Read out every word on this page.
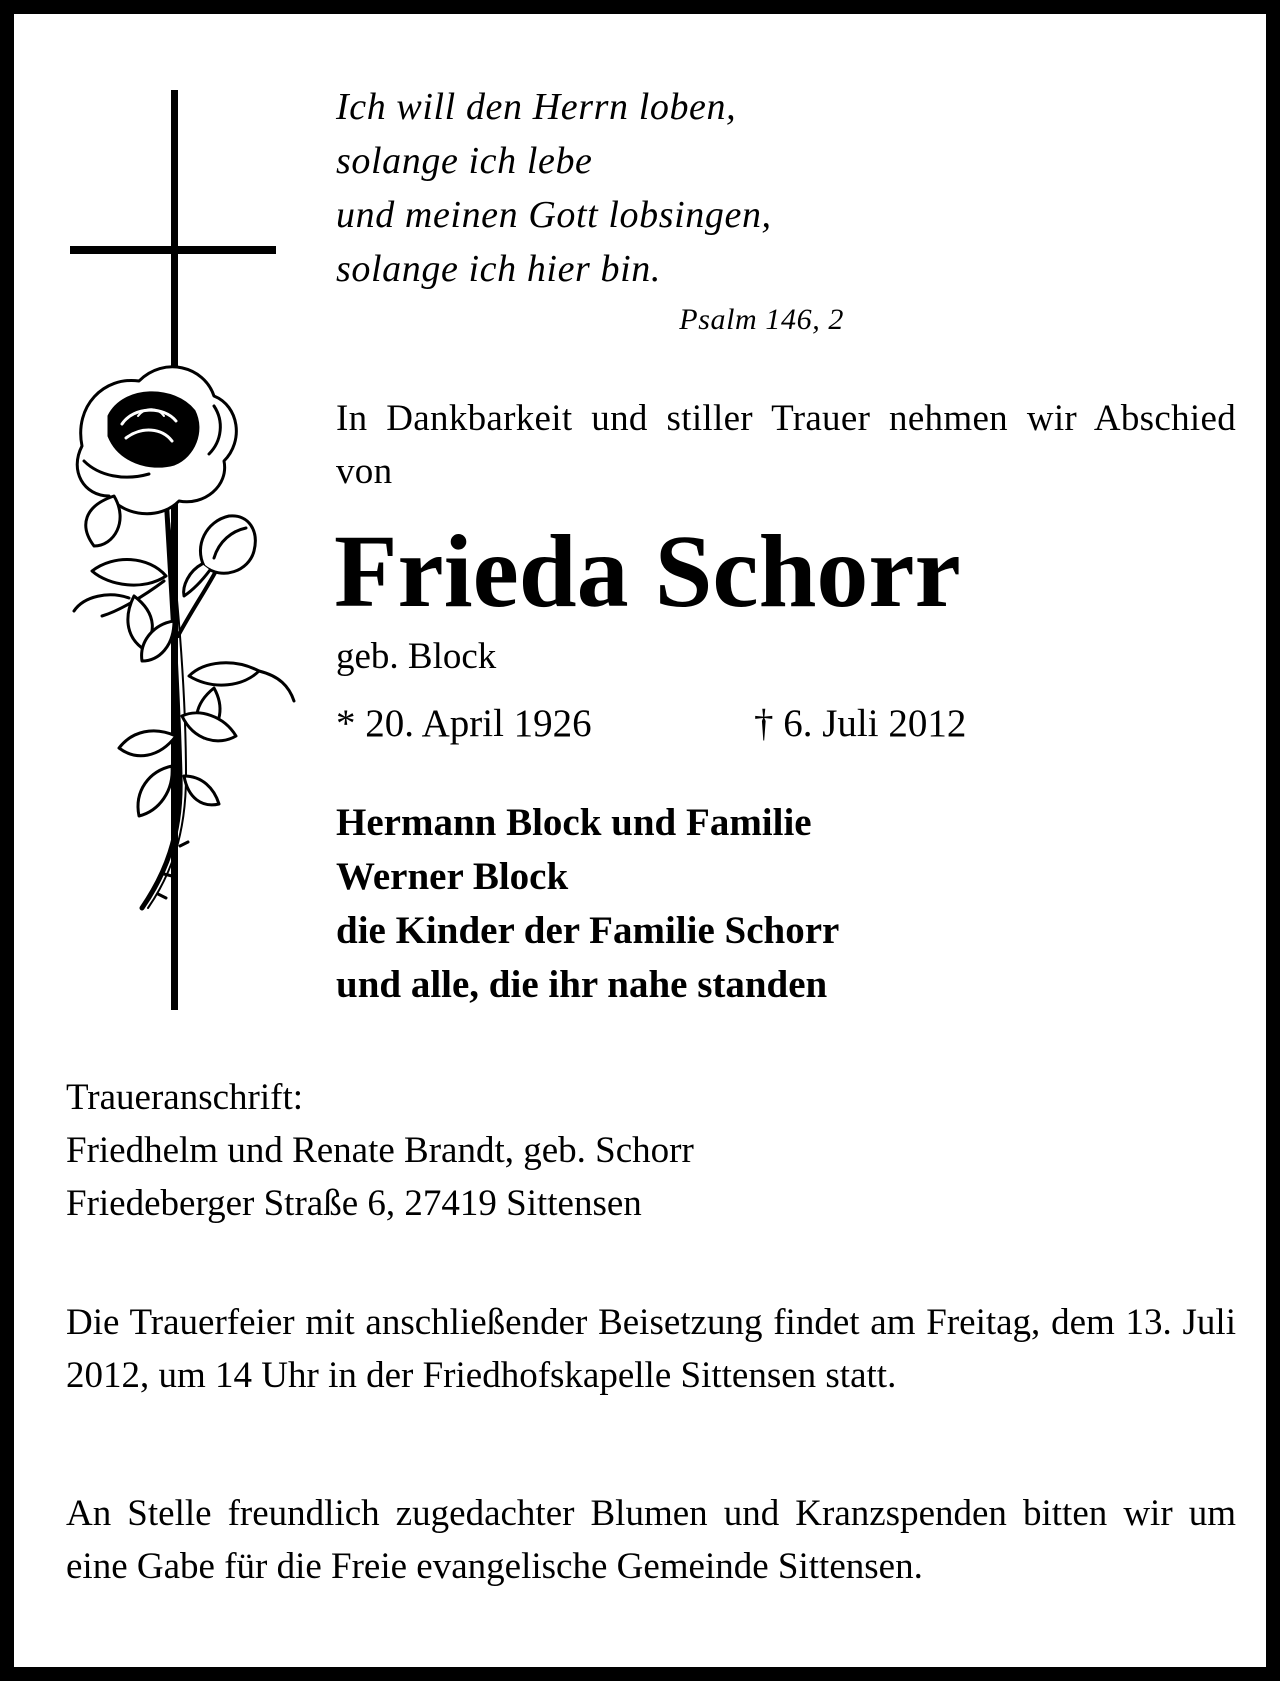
Ich will den Herrn loben,
solange ich lebe
und meinen Gott lobsingen,
solange ich hier bin.
Psalm 146, 2
In Dankbarkeit und stiller Trauer nehmen wir Abschied von
Frieda Schorr
geb. Block
* 20. April 1926	† 6. Juli 2012
Hermann Block und Familie
Werner Block
die Kinder der Familie Schorr
und alle, die ihr nahe standen
Traueranschrift:
Friedhelm und Renate Brandt, geb. Schorr
Friedeberger Straße 6, 27419 Sittensen
Die Trauerfeier mit anschließender Beisetzung findet am Freitag, dem 13. Juli 2012, um 14 Uhr in der Friedhofskapelle Sittensen statt.
An Stelle freundlich zugedachter Blumen und Kranzspenden bitten wir um eine Gabe für die Freie evangelische Gemeinde Sittensen.
